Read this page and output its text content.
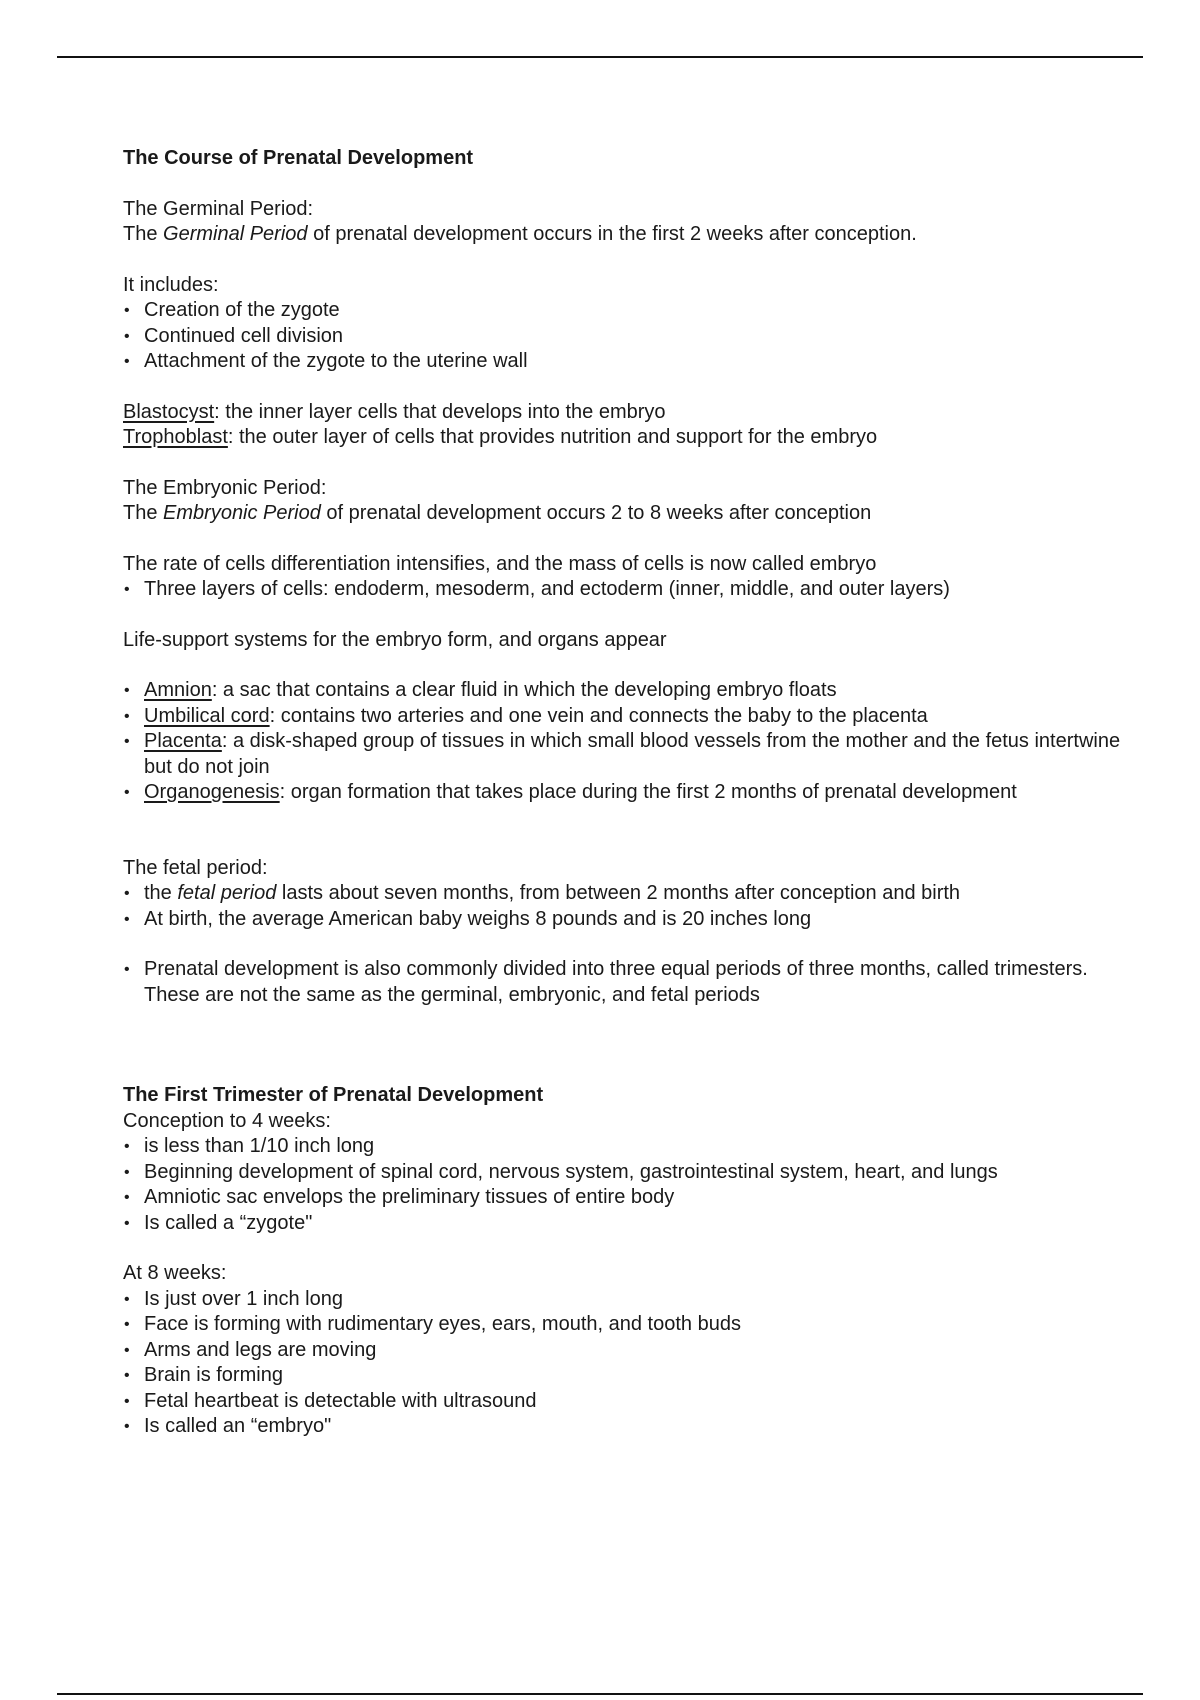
The Course of Prenatal Development

The Germinal Period:

The Germinal Period of prenatal development occurs in the first 2 weeks after conception.

It includes:

• Creation of the zygote
• Continued cell division
• Attachment of the zygote to the uterine wall

Blastocyst: the inner layer cells that develops into the embryo

Trophoblast: the outer layer of cells that provides nutrition and support for the embryo

The Embryonic Period:

The Embryonic Period of prenatal development occurs 2 to 8 weeks after conception

The rate of cells differentiation intensifies, and the mass of cells is now called embryo

• Three layers of cells: endoderm, mesoderm, and ectoderm (inner, middle, and outer layers)

Life-support systems for the embryo form, and organs appear

• Amnion: a sac that contains a clear fluid in which the developing embryo floats
• Umbilical cord: contains two arteries and one vein and connects the baby to the placenta
• Placenta: a disk-shaped group of tissues in which small blood vessels from the mother and the fetus intertwine but do not join
• Organogenesis: organ formation that takes place during the first 2 months of prenatal development

The fetal period:

• the fetal period lasts about seven months, from between 2 months after conception and birth
• At birth, the average American baby weighs 8 pounds and is 20 inches long
• Prenatal development is also commonly divided into three equal periods of three months, called trimesters. These are not the same as the germinal, embryonic, and fetal periods

The First Trimester of Prenatal Development

Conception to 4 weeks:

• is less than 1/10 inch long
• Beginning development of spinal cord, nervous system, gastrointestinal system, heart, and lungs
• Amniotic sac envelops the preliminary tissues of entire body
• Is called a “zygote"

At 8 weeks:

• Is just over 1 inch long
• Face is forming with rudimentary eyes, ears, mouth, and tooth buds
• Arms and legs are moving
• Brain is forming
• Fetal heartbeat is detectable with ultrasound
• Is called an “embryo"
